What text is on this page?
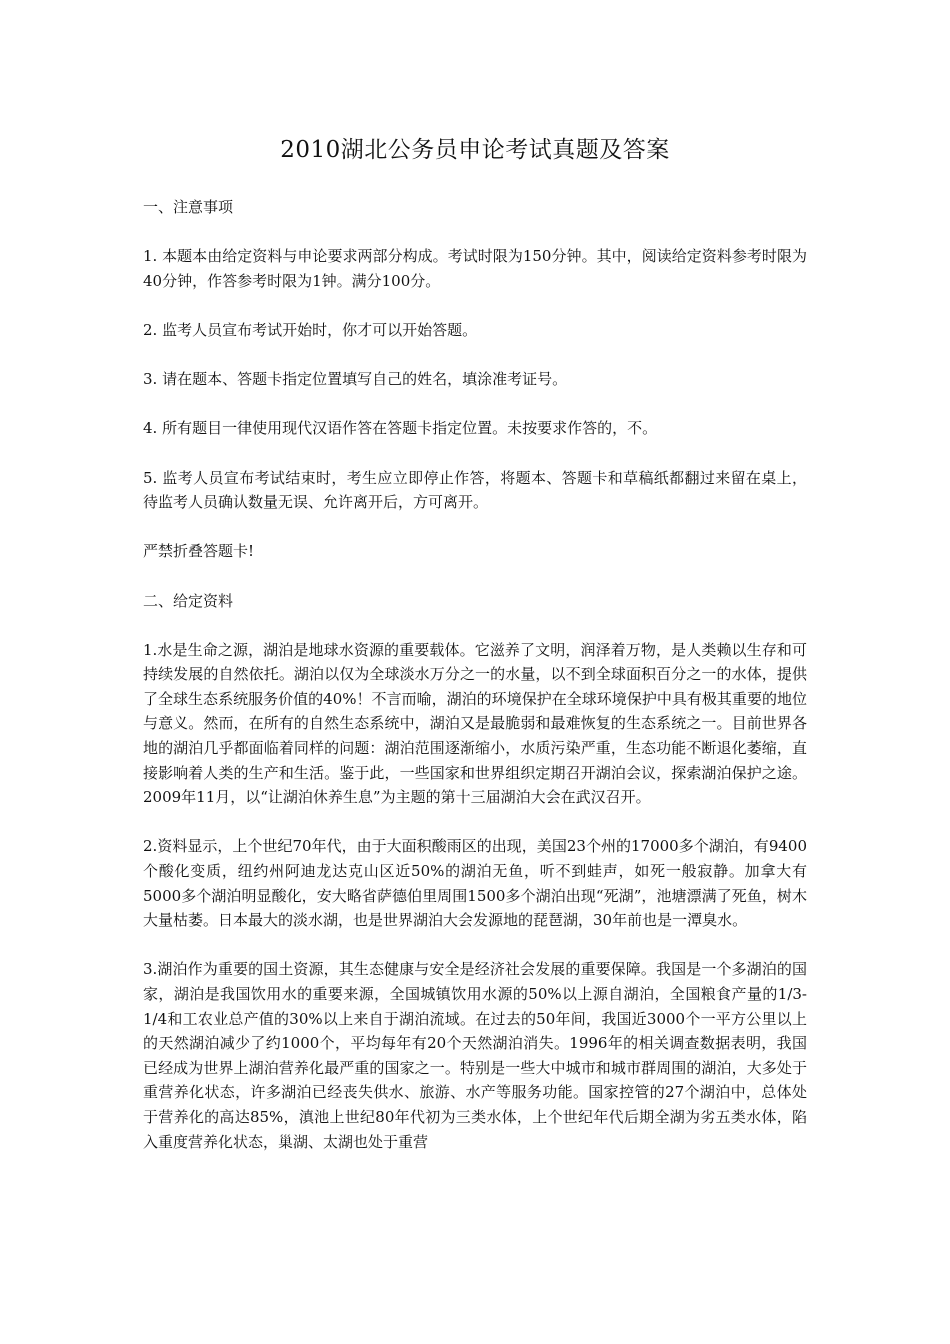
2010湖北公务员申论考试真题及答案

一、注意事项

1. 本题本由给定资料与申论要求两部分构成。考试时限为150分钟。其中，阅读给定资料参考时限为40分钟，作答参考时限为1钟。满分100分。

2. 监考人员宣布考试开始时，你才可以开始答题。

3. 请在题本、答题卡指定位置填写自己的姓名，填涂准考证号。

4. 所有题目一律使用现代汉语作答在答题卡指定位置。未按要求作答的，不。

5. 监考人员宣布考试结束时，考生应立即停止作答，将题本、答题卡和草稿纸都翻过来留在桌上，待监考人员确认数量无误、允许离开后，方可离开。

严禁折叠答题卡!

二、给定资料

1.水是生命之源，湖泊是地球水资源的重要载体。它滋养了文明，润泽着万物，是人类赖以生存和可持续发展的自然依托。湖泊以仅为全球淡水万分之一的水量，以不到全球面积百分之一的水体，提供了全球生态系统服务价值的40%！不言而喻，湖泊的环境保护在全球环境保护中具有极其重要的地位与意义。然而，在所有的自然生态系统中，湖泊又是最脆弱和最难恢复的生态系统之一。目前世界各地的湖泊几乎都面临着同样的问题：湖泊范围逐渐缩小，水质污染严重，生态功能不断退化萎缩，直接影响着人类的生产和生活。鉴于此，一些国家和世界组织定期召开湖泊会议，探索湖泊保护之途。2009年11月，以“让湖泊休养生息”为主题的第十三届湖泊大会在武汉召开。

2.资料显示，上个世纪70年代，由于大面积酸雨区的出现，美国23个州的17000多个湖泊，有9400个酸化变质，纽约州阿迪龙达克山区近50%的湖泊无鱼，听不到蛙声，如死一般寂静。加拿大有5000多个湖泊明显酸化，安大略省萨德伯里周围1500多个湖泊出现“死湖”，池塘漂满了死鱼，树木大量枯萎。日本最大的淡水湖，也是世界湖泊大会发源地的琵琶湖，30年前也是一潭臭水。

3.湖泊作为重要的国土资源，其生态健康与安全是经济社会发展的重要保障。我国是一个多湖泊的国家，湖泊是我国饮用水的重要来源，全国城镇饮用水源的50%以上源自湖泊，全国粮食产量的1/3-1/4和工农业总产值的30%以上来自于湖泊流域。在过去的50年间，我国近3000个一平方公里以上的天然湖泊减少了约1000个，平均每年有20个天然湖泊消失。1996年的相关调查数据表明，我国已经成为世界上湖泊营养化最严重的国家之一。特别是一些大中城市和城市群周围的湖泊，大多处于重营养化状态，许多湖泊已经丧失供水、旅游、水产等服务功能。国家控管的27个湖泊中，总体处于营养化的高达85%，滇池上世纪80年代初为三类水体，上个世纪年代后期全湖为劣五类水体，陷入重度营养化状态，巢湖、太湖也处于重营
